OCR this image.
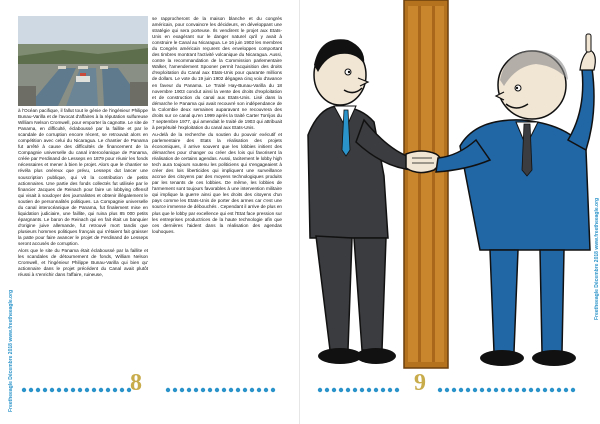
à l'Océan pacifique, il fallut tout le génie de l'ingénieur Philippe Bunau-Varilla et de l'avocat d'affaires à la réputation sulfureuse William Nelson Cromwell, pour emporter la cagnotte. Le site de Panama, en difficulté, éclaboussé par la faillite et par le scandale de corruption encore récent, se retrouvait alors en compétition avec celui du Nicaragua. Le chantier de Panama fut arrêté à cause des difficultés de financement de la Compagnie universelle du canal interocéanique de Panama, créée par Ferdinand de Lesseps en 1879 pour réunir les fonds nécessaires et mener à bien le projet. Alors que le chantier se révéla plus onéreux que prévu, Lesseps dut lancer une souscription publique, qui vit la contribution de petits actionnaires. Une partie des fonds collectés fut utilisée par le financier Jacques de Reinach pour faire un lobbying offensif qui visait à soudoyer des journalistes et obtenir illégalement le soutien de personnalités politiques. La Compagnie universelle du canal interocéanique de Panama, fut finalement mise en liquidation judiciaire, une faillite, qui ruina plus 85 000 petits épargnants. Le baron de Reinach qui en fait était un banquier d'origine juive allemande, fut retrouvé mort tandis que plusieurs hommes politiques français qui s'étaient fait graisser la patte pour faire avancer le projet de Ferdinand de Lesseps seront accusés de corruption.

Alors que le site du Panama était éclaboussé par la faillite et les scandales de détournement de fonds, William Nelson Cromwell, et l'ingénieur Philippe Bunau-Varilla qui bien qu' actionnaire dans le projet précédent du Canal avait plutôt réussi à s'enrichir dans l'affaire, ruineuse,

se rapprocheront de la maison blanche et du congrès américain, pour convaincre les décideurs, en développant une stratégie qui sera porteuse. Ils vendirent le projet aux Etats-Unis en exagérant sur le danger naturel qu'il y avait à construire le Canal au Nicaragua. Le 16 juin 1902 les membres du Congrès américain reçurent des enveloppes comportant des timbres montrant l'activité volcanique du Nicaragua. Aussi, contre la recommandation de la Commission parlementaire Walker, l'amendement Spooner permit l'acquisition des droits d'exploitation du Canal aux Etats-Unis pour quarante millions de dollars. Le vote du 19 juin 1902 dégagea cinq voix d'avance en faveur du Panama. Le Traité Hay-Bunau-Varilla du 18 novembre 1903 conclut ainsi la vente des droits d'exploitation et de construction du canal aux Etats-Unis. Lisé dans la démarche le Panama qui avait recouvré son indépendance de la Colombie deux semaines auparavant ne recouvrera des droits sur ce canal qu'en 1999 après la traité Carter Torrijos du 7 septembre 1977, qui amendait le traité de 1903 qui attribuait à perpétuité l'exploitation du canal aux Etats-Unis.

Au-delà de la recherche du soutien du pouvoir exécutif et parlementaire des Etats la réalisation des projets économiques, il arrive souvent que les lobbies initient des démarches pour changer ou créer des lois qui favorisent la réalisation de certains agendas. Aussi, tacitement le lobby high tech aura toujours soutenu les politiciens qui s'engageaient à créer des lois liberticides qui impliquent une surveillance accrue des citoyens par des moyens technologiques produits par les tenants de ces lobbies. De même, les lobbies de l'armement sont toujours favorables à une intervention militaire qui implique la guerre ainsi que les droits des citoyens d'un pays comme les Etats-Unis de porter des armes car c'est une source immense de débouchés . Cependant il arrive de plus en plus que le lobby par excellence qui est l'Etat face pression sur les entreprises productrices de la haute technologie afin que ces dernières l'aident dans la réalisation des agendas louhoques.

8
Freetheeagle Décembre 2018 www.freetheeagle.org	9
Freetheeagle Décembre 2018 www.freetheeagle.org
